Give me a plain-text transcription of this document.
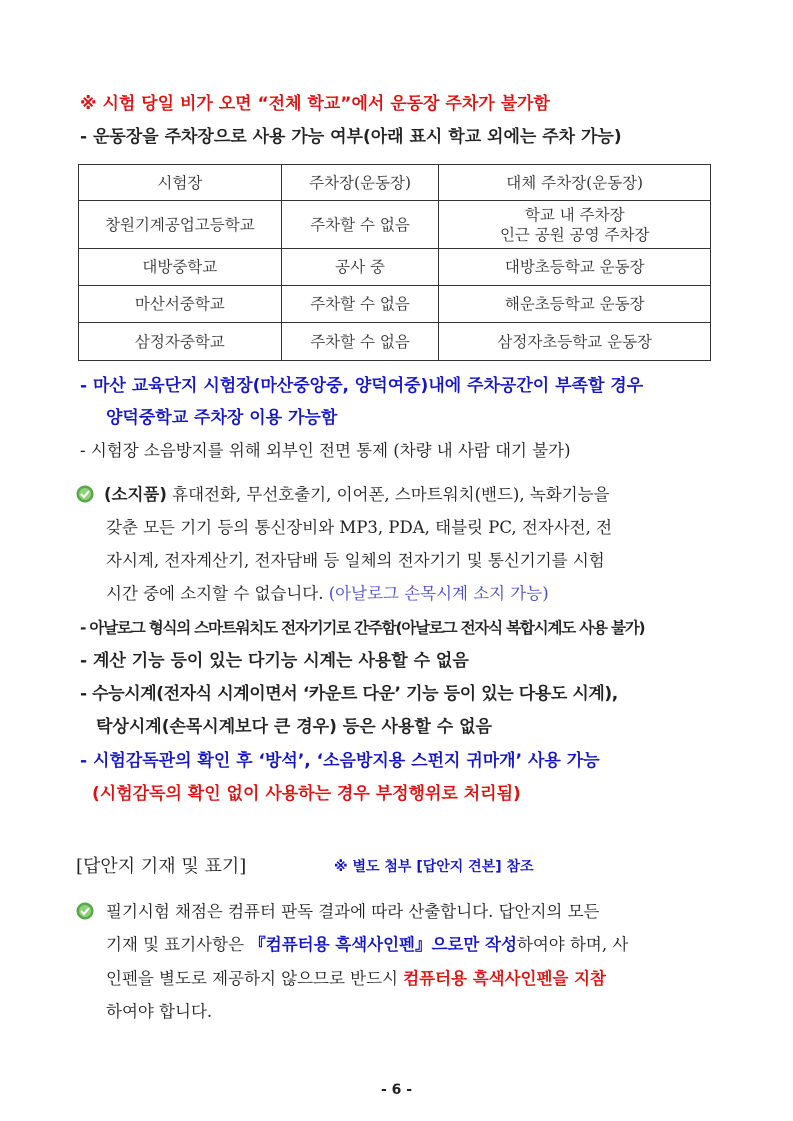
※ 시험 당일 비가 오면 “전체 학교”에서 운동장 주차가 불가함
- 운동장을 주차장으로 사용 가능 여부(아래 표시 학교 외에는 주차 가능)
시험장	주차장(운동장)	대체 주차장(운동장)
창원기계공업고등학교	주차할 수 없음	학교 내 주차장
인근 공원 공영 주차장

대방중학교	공사 중	대방초등학교 운동장
마산서중학교	주차할 수 없음	해운초등학교 운동장
삼정자중학교	주차할 수 없음	삼정자초등학교 운동장
- 마산 교육단지 시험장(마산중앙중, 양덕여중)내에 주차공간이 부족할 경우
양덕중학교 주차장 이용 가능함
- 시험장 소음방지를 위해 외부인 전면 통제 (차량 내 사람 대기 불가)
(소지품) 휴대전화, 무선호출기, 이어폰, 스마트워치(밴드), 녹화기능을
갖춘 모든 기기 등의 통신장비와 MP3, PDA, 태블릿 PC, 전자사전, 전
자시계, 전자계산기, 전자담배 등 일체의 전자기기 및 통신기기를 시험
시간 중에 소지할 수 없습니다. (아날로그 손목시계 소지 가능)
- 아날로그 형식의 스마트워치도 전자기기로 간주함(아날로그 전자식 복합시계도 사용 불가)
- 계산 기능 등이 있는 다기능 시계는 사용할 수 없음
- 수능시계(전자식 시계이면서 ‘카운트 다운’ 기능 등이 있는 다용도 시계),
탁상시계(손목시계보다 큰 경우) 등은 사용할 수 없음
- 시험감독관의 확인 후 ‘방석’, ‘소음방지용 스펀지 귀마개’ 사용 가능
(시험감독의 확인 없이 사용하는 경우 부정행위로 처리됨)
[답안지 기재 및 표기]	※ 별도 첨부 [답안지 견본] 참조
필기시험 채점은 컴퓨터 판독 결과에 따라 산출합니다. 답안지의 모든
기재 및 표기사항은 『컴퓨터용 흑색사인펜』으로만 작성하여야 하며, 사
인펜을 별도로 제공하지 않으므로 반드시 컴퓨터용 흑색사인펜을 지참
하여야 합니다.
- 6 -
